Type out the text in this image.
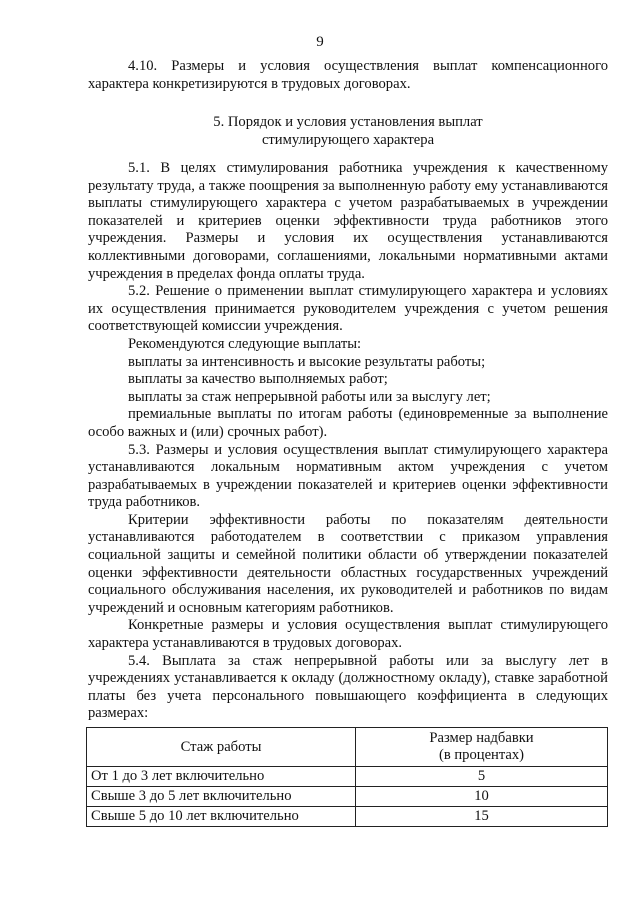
9

4.10. Размеры и условия осуществления выплат компенсационного характера конкретизируются в трудовых договорах.

5. Порядок и условия установления выплат
стимулирующего характера

5.1. В целях стимулирования работника учреждения к качественному результату труда, а также поощрения за выполненную работу ему устанавливаются выплаты стимулирующего характера с учетом разрабатываемых в учреждении показателей и критериев оценки эффективности труда работников этого учреждения. Размеры и условия их осуществления устанавливаются коллективными договорами, соглашениями, локальными нормативными актами учреждения в пределах фонда оплаты труда.

5.2. Решение о применении выплат стимулирующего характера и условиях их осуществления принимается руководителем учреждения с учетом решения соответствующей комиссии учреждения.

Рекомендуются следующие выплаты:

выплаты за интенсивность и высокие результаты работы;

выплаты за качество выполняемых работ;

выплаты за стаж непрерывной работы или за выслугу лет;

премиальные выплаты по итогам работы (единовременные за выполнение особо важных и (или) срочных работ).

5.3. Размеры и условия осуществления выплат стимулирующего характера устанавливаются локальным нормативным актом учреждения с учетом разрабатываемых в учреждении показателей и критериев оценки эффективности труда работников.

Критерии эффективности работы по показателям деятельности устанавливаются работодателем в соответствии с приказом управления социальной защиты и семейной политики области об утверждении показателей оценки эффективности деятельности областных государственных учреждений социального обслуживания населения, их руководителей и работников по видам учреждений и основным категориям работников.

Конкретные размеры и условия осуществления выплат стимулирующего характера устанавливаются в трудовых договорах.

5.4. Выплата за стаж непрерывной работы или за выслугу лет в учреждениях устанавливается к окладу (должностному окладу), ставке заработной платы без учета персонального повышающего коэффициента в следующих размерах:

Стаж работы	Размер надбавки
(в процентах)

От 1 до 3 лет включительно	5
Свыше 3 до 5 лет включительно	10
Свыше 5 до 10 лет включительно	15
